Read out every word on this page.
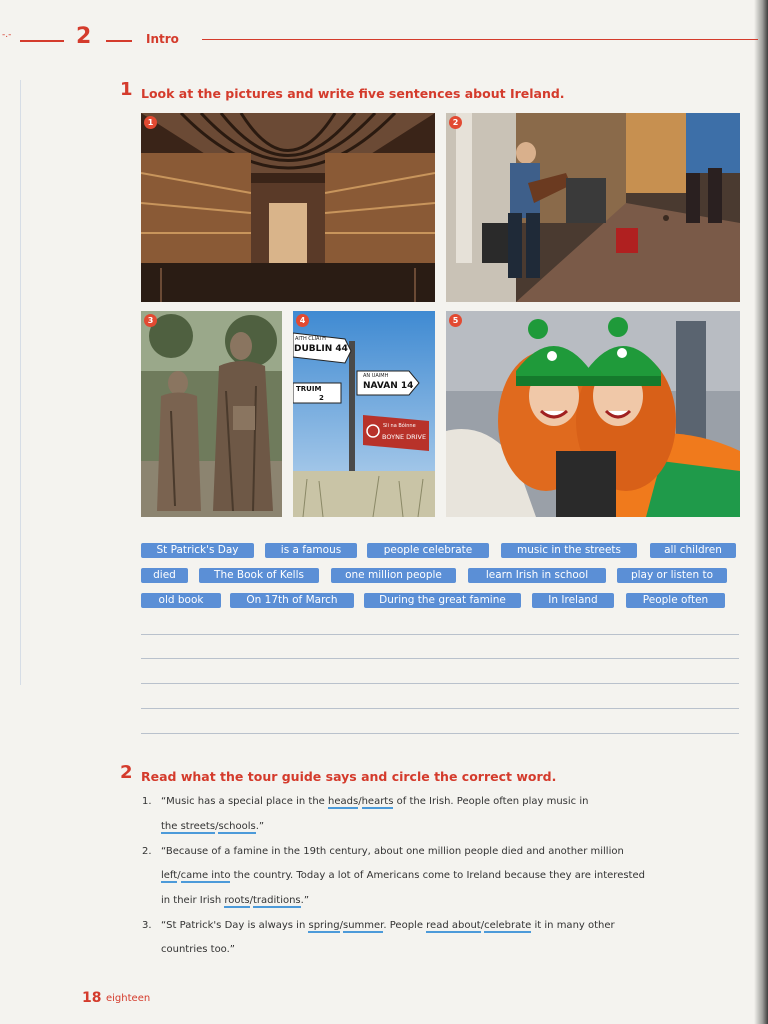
-.-	2	Intro
1 Look at the pictures and write five sentences about Ireland.
1	2
3
AITH CLIATH
DUBLIN 44
TRUIM
2
AN UAIMH
NAVAN 14
Sli na Bóinne
BOYNE DRIVE
4	5
St Patrick's Day	is a famous	people celebrate	music in the streets	all children
died	The Book of Kells	one million people	learn Irish in school	play or listen to
old book	On 17th of March	During the great famine	In Ireland	People often
2 Read what the tour guide says and circle the correct word.
1. “Music has a special place in the heads/hearts of the Irish. People often play music in
the streets/schools.”
2. “Because of a famine in the 19th century, about one million people died and another million
left/came into the country. Today a lot of Americans come to Ireland because they are interested
in their Irish roots/traditions.”
3. “St Patrick's Day is always in spring/summer. People read about/celebrate it in many other
countries too.”
18 eighteen
